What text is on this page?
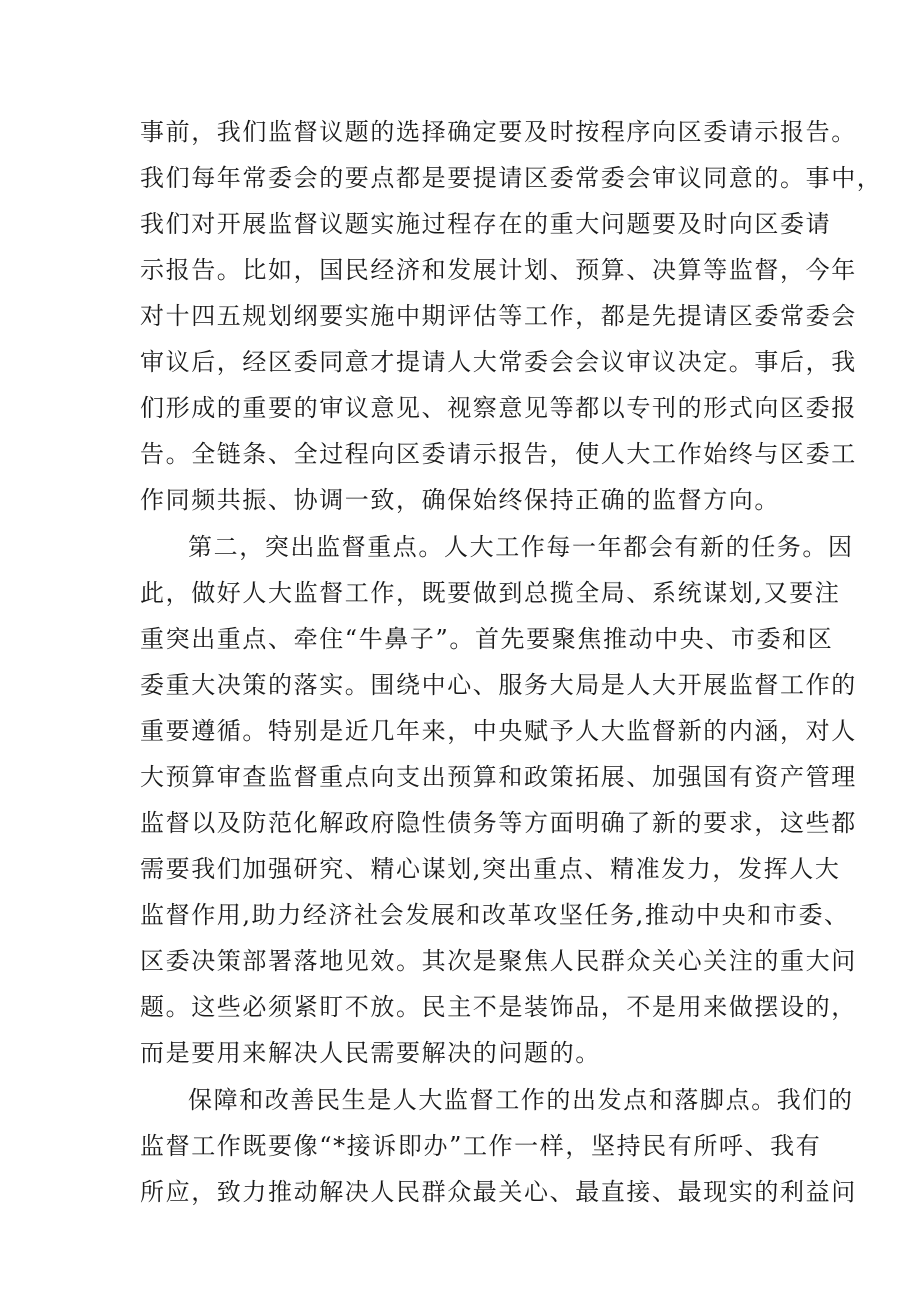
事前，我们监督议题的选择确定要及时按程序向区委请示报告。
我们每年常委会的要点都是要提请区委常委会审议同意的。事中，
我们对开展监督议题实施过程存在的重大问题要及时向区委请
示报告。比如，国民经济和发展计划、预算、决算等监督，今年
对十四五规划纲要实施中期评估等工作，都是先提请区委常委会
审议后，经区委同意才提请人大常委会会议审议决定。事后，我
们形成的重要的审议意见、视察意见等都以专刊的形式向区委报
告。全链条、全过程向区委请示报告，使人大工作始终与区委工
作同频共振、协调一致，确保始终保持正确的监督方向。
第二，突出监督重点。人大工作每一年都会有新的任务。因
此，做好人大监督工作，既要做到总揽全局、系统谋划,又要注
重突出重点、牵住“牛鼻子”。首先要聚焦推动中央、市委和区
委重大决策的落实。围绕中心、服务大局是人大开展监督工作的
重要遵循。特别是近几年来，中央赋予人大监督新的内涵，对人
大预算审查监督重点向支出预算和政策拓展、加强国有资产管理
监督以及防范化解政府隐性债务等方面明确了新的要求，这些都
需要我们加强研究、精心谋划,突出重点、精准发力，发挥人大
监督作用,助力经济社会发展和改革攻坚任务,推动中央和市委、
区委决策部署落地见效。其次是聚焦人民群众关心关注的重大问
题。这些必须紧盯不放。民主不是装饰品，不是用来做摆设的，
而是要用来解决人民需要解决的问题的。
保障和改善民生是人大监督工作的出发点和落脚点。我们的
监督工作既要像“*接诉即办”工作一样，坚持民有所呼、我有
所应，致力推动解决人民群众最关心、最直接、最现实的利益问
